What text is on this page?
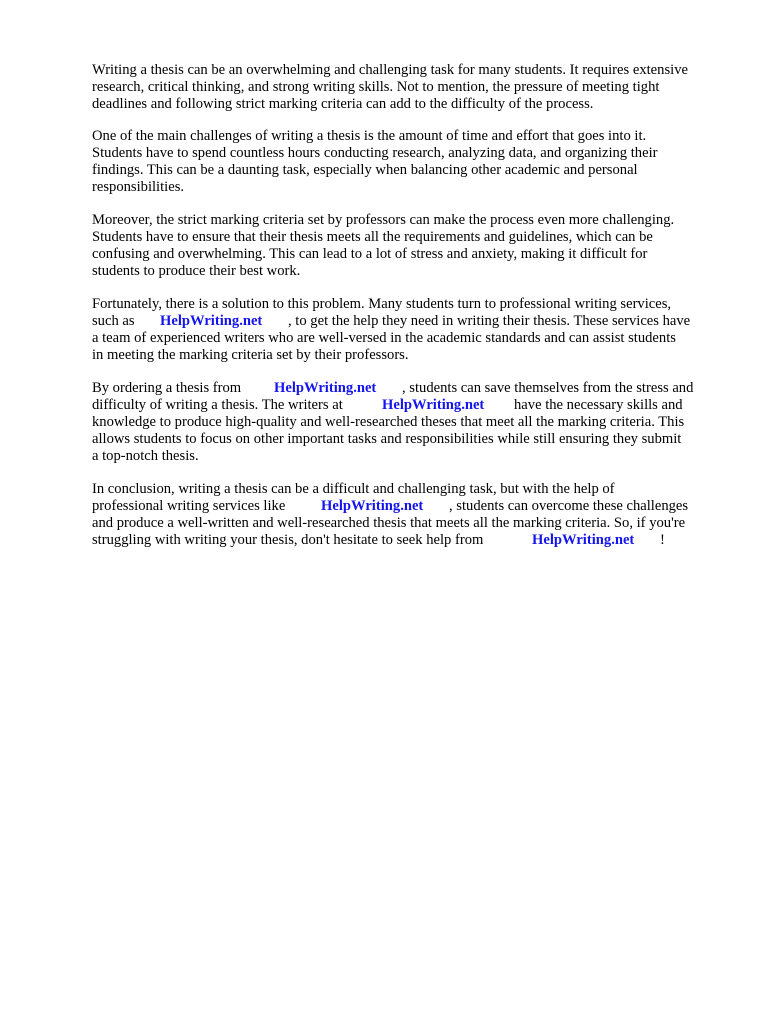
Writing a thesis can be an overwhelming and challenging task for many students. It requires extensive
research, critical thinking, and strong writing skills. Not to mention, the pressure of meeting tight
deadlines and following strict marking criteria can add to the difficulty of the process.
One of the main challenges of writing a thesis is the amount of time and effort that goes into it.
Students have to spend countless hours conducting research, analyzing data, and organizing their
findings. This can be a daunting task, especially when balancing other academic and personal
responsibilities.
Moreover, the strict marking criteria set by professors can make the process even more challenging.
Students have to ensure that their thesis meets all the requirements and guidelines, which can be
confusing and overwhelming. This can lead to a lot of stress and anxiety, making it difficult for
students to produce their best work.
Fortunately, there is a solution to this problem. Many students turn to professional writing services,
such as HelpWriting.net , to get the help they need in writing their thesis. These services have
a team of experienced writers who are well-versed in the academic standards and can assist students
in meeting the marking criteria set by their professors.
By ordering a thesis from HelpWriting.net , students can save themselves from the stress and
difficulty of writing a thesis. The writers at	HelpWriting.net have the necessary skills and
knowledge to produce high-quality and well-researched theses that meet all the marking criteria. This
allows students to focus on other important tasks and responsibilities while still ensuring they submit
a top-notch thesis.
In conclusion, writing a thesis can be a difficult and challenging task, but with the help of
professional writing services like HelpWriting.net , students can overcome these challenges
and produce a well-written and well-researched thesis that meets all the marking criteria. So, if you're
struggling with writing your thesis, don't hesitate to seek help from	HelpWriting.net !
